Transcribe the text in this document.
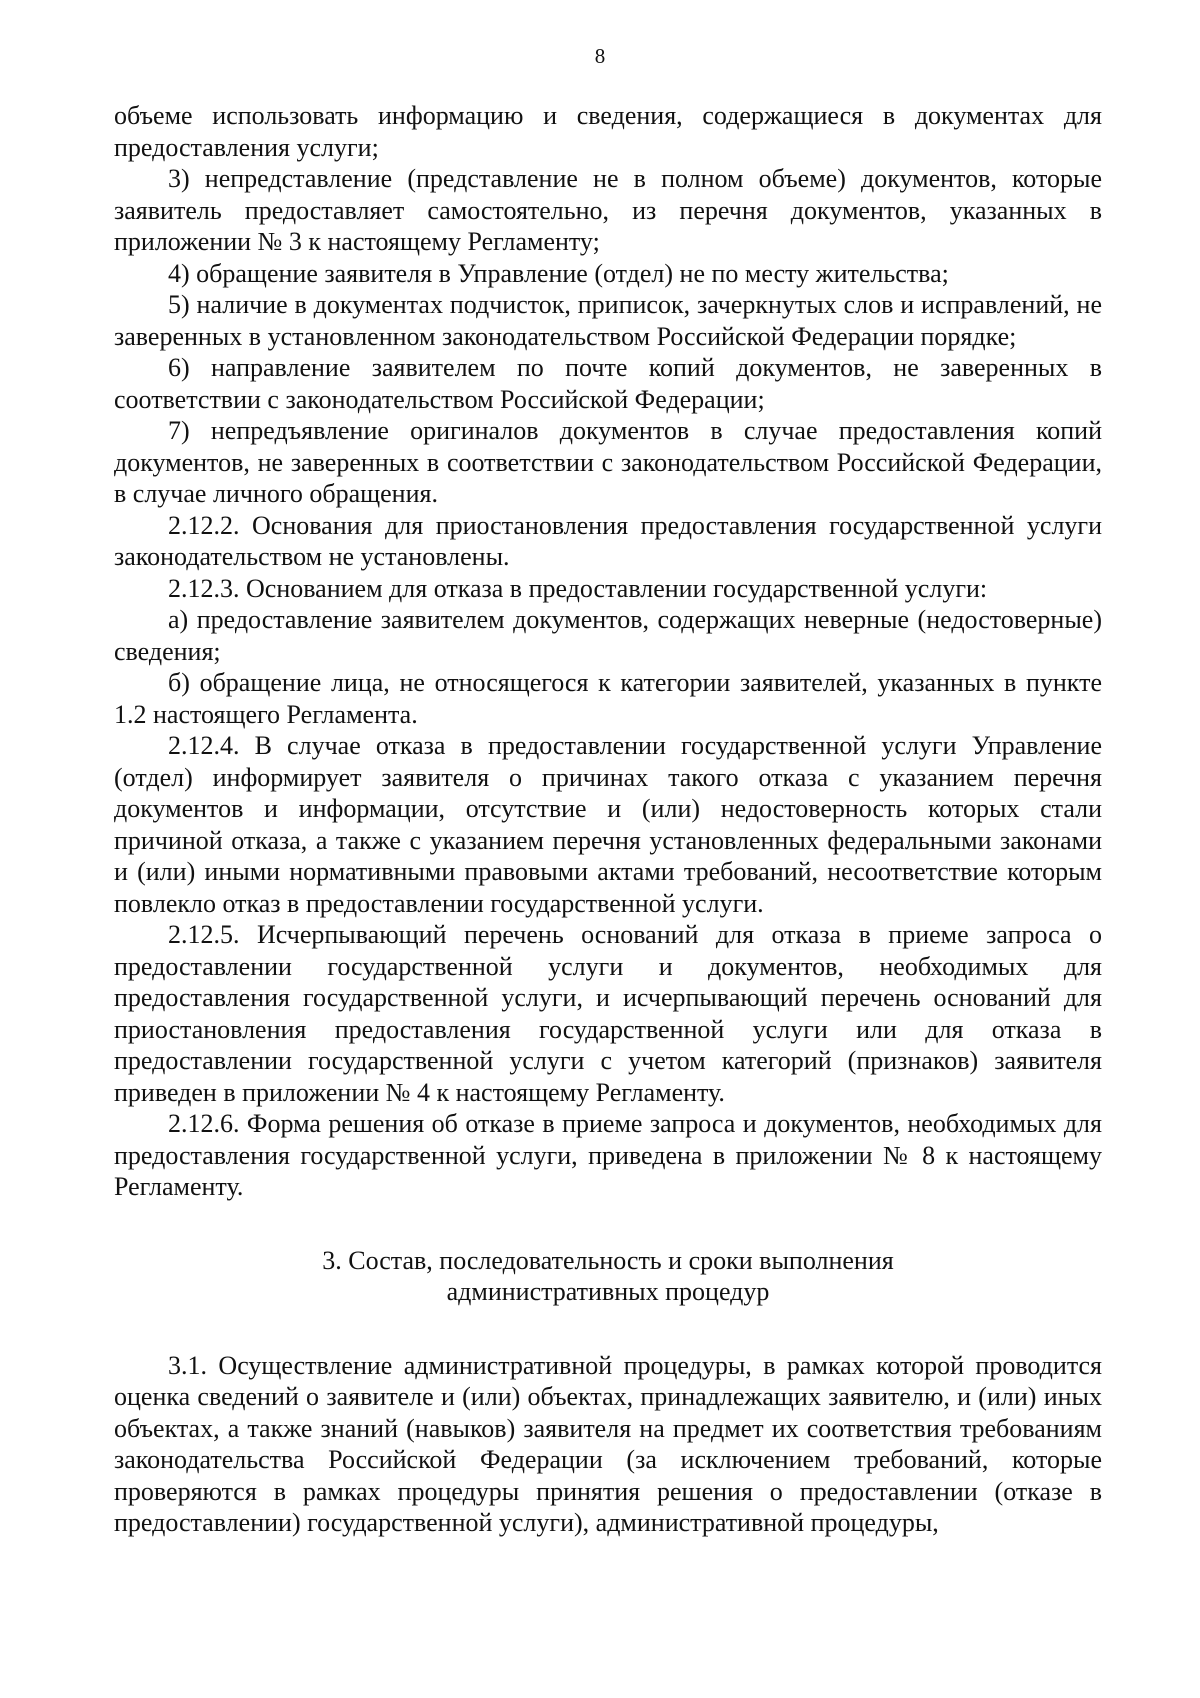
8

объеме использовать информацию и сведения, содержащиеся в документах для предоставления услуги;

3) непредставление (представление не в полном объеме) документов, которые заявитель предоставляет самостоятельно, из перечня документов, указанных в приложении № 3 к настоящему Регламенту;

4) обращение заявителя в Управление (отдел) не по месту жительства;

5) наличие в документах подчисток, приписок, зачеркнутых слов и исправлений, не заверенных в установленном законодательством Российской Федерации порядке;

6) направление заявителем по почте копий документов, не заверенных в соответствии с законодательством Российской Федерации;

7) непредъявление оригиналов документов в случае предоставления копий документов, не заверенных в соответствии с законодательством Российской Федерации, в случае личного обращения.

2.12.2. Основания для приостановления предоставления государственной услуги законодательством не установлены.

2.12.3. Основанием для отказа в предоставлении государственной услуги:

а) предоставление заявителем документов, содержащих неверные (недостоверные) сведения;

б) обращение лица, не относящегося к категории заявителей, указанных в пункте 1.2 настоящего Регламента.

2.12.4. В случае отказа в предоставлении государственной услуги Управление (отдел) информирует заявителя о причинах такого отказа с указанием перечня документов и информации, отсутствие и (или) недостоверность которых стали причиной отказа, а также с указанием перечня установленных федеральными законами и (или) иными нормативными правовыми актами требований, несоответствие которым повлекло отказ в предоставлении государственной услуги.

2.12.5. Исчерпывающий перечень оснований для отказа в приеме запроса о предоставлении государственной услуги и документов, необходимых для предоставления государственной услуги, и исчерпывающий перечень оснований для приостановления предоставления государственной услуги или для отказа в предоставлении государственной услуги с учетом категорий (признаков) заявителя приведен в приложении № 4 к настоящему Регламенту.

2.12.6. Форма решения об отказе в приеме запроса и документов, необходимых для предоставления государственной услуги, приведена в приложении № 8 к настоящему Регламенту.

3. Состав, последовательность и сроки выполнения
административных процедур

3.1. Осуществление административной процедуры, в рамках которой проводится оценка сведений о заявителе и (или) объектах, принадлежащих заявителю, и (или) иных объектах, а также знаний (навыков) заявителя на предмет их соответствия требованиям законодательства Российской Федерации (за исключением требований, которые проверяются в рамках процедуры принятия решения о предоставлении (отказе в предоставлении) государственной услуги), административной процедуры,
